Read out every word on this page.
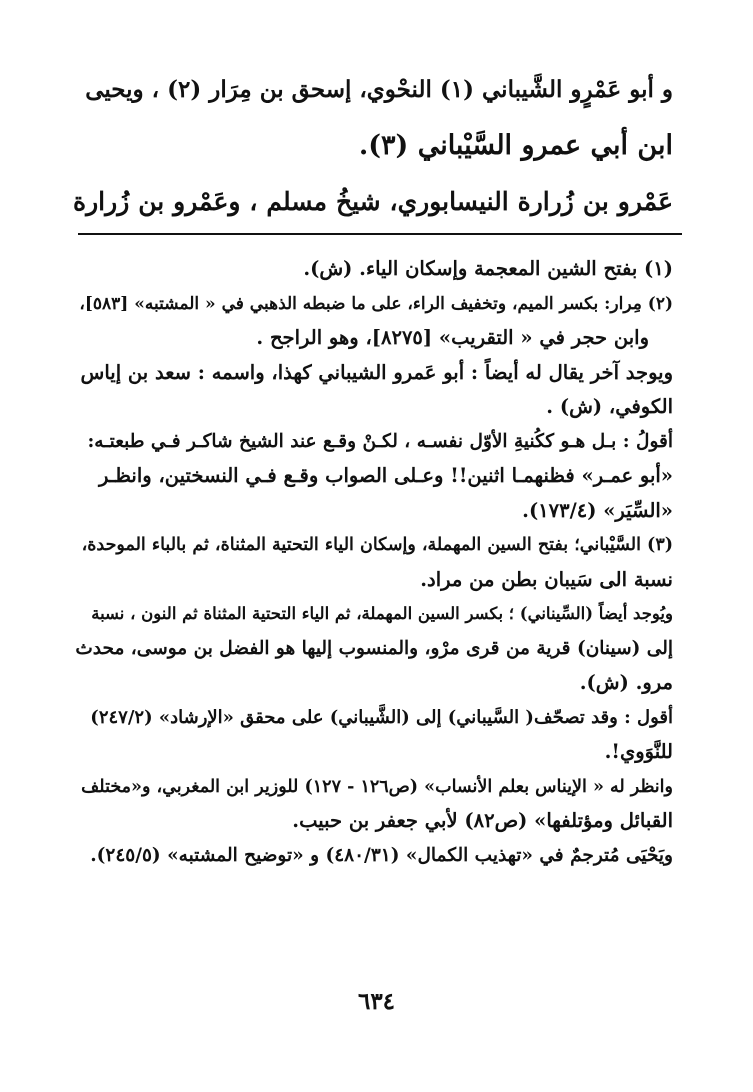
و أبو عَمْرٍو الشَّيباني (١) النحْوي، إسحق بن مِرَار (٢) ، ويحيى
ابن أبي عمرو السَّيْباني (٣).
عَمْرو بن زُرارة النيسابوري، شيخُ مسلم ، وعَمْرو بن زُرارة
(١) بفتح الشين المعجمة وإسكان الياء. (ش).
(٢) مِرار: بكسر الميم، وتخفيف الراء، على ما ضبطه الذهبي في « المشتبه» [٥٨٣]،
وابن حجر في « التقريب» [٨٢٧٥]، وهو الراجح .
ويوجد آخر يقال له أيضاً : أبو عَمرو الشيباني كهذا، واسمه : سعد بن إياس
الكوفي، (ش) .
أقولُ : بـل هـو ككُنيةِ الأوّل نفسـه ، لكـنْ وقـع عند الشيخ شاكـر فـي طبعتـه:
«أبو عمـر» فظنهمـا اثنين!! وعـلى الصواب وقـع فـي النسختين، وانظـر
«السِّيَر» (١٧٣/٤).
(٣) السَّيْباني؛ بفتح السين المهملة، وإسكان الياء التحتية المثناة، ثم بالباء الموحدة،
نسبة الى سَيبان بطن من مراد.
ويُوجد أيضاً (السِّيناني) ؛ بكسر السين المهملة، ثم الياء التحتية المثناة ثم النون ، نسبة
إلى (سينان) قرية من قرى مرْو، والمنسوب إليها هو الفضل بن موسى، محدث
مرو. (ش).
أقول : وقد تصحّف( السَّيباني) إلى (الشَّيباني) على محقق «الإرشاد» (٢٤٧/٢)
للنَّوَوي!.
وانظر له « الإيناس بعلم الأنساب» (ص١٢٦ - ١٢٧) للوزير ابن المغربي، و«مختلف
القبائل ومؤتلفها» (ص٨٢) لأبي جعفر بن حبيب.
ويَحْيَى مُترجمٌ في «تهذيب الكمال» (٤٨٠/٣١) و «توضيح المشتبه» (٢٤٥/٥).
٦٣٤
